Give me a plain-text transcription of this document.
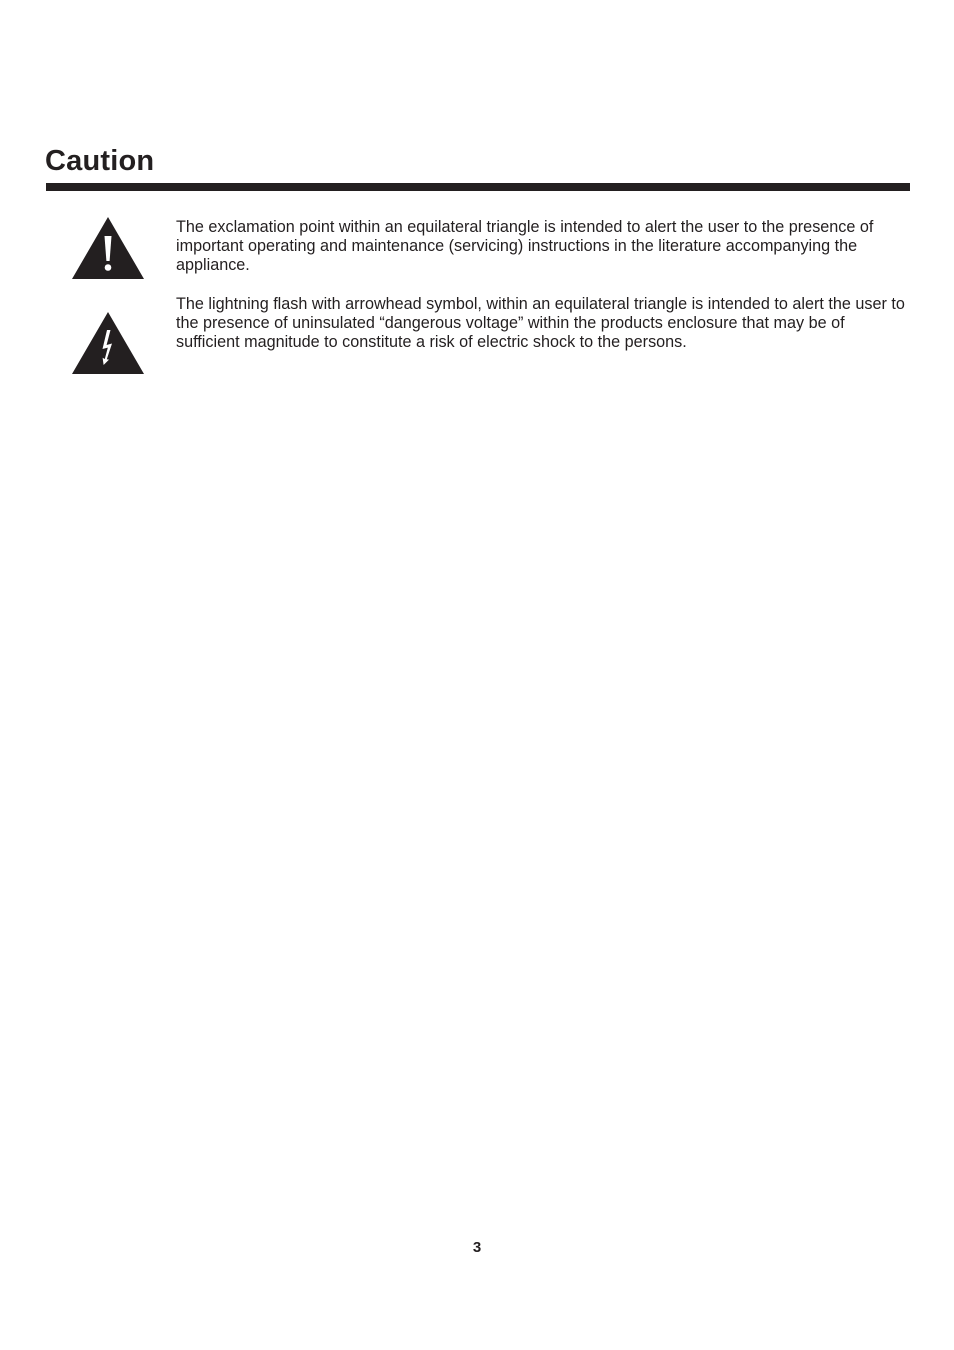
Caution

The exclamation point within an equilateral triangle is intended to alert the user to the presence of important operating and maintenance (servicing) instructions in the literature accompanying the appliance.

The lightning flash with arrowhead symbol, within an equilateral triangle is intended to alert the user to the presence of uninsulated “dangerous voltage” within the products enclosure that may be of sufficient magnitude to constitute a risk of electric shock to the persons.

3
